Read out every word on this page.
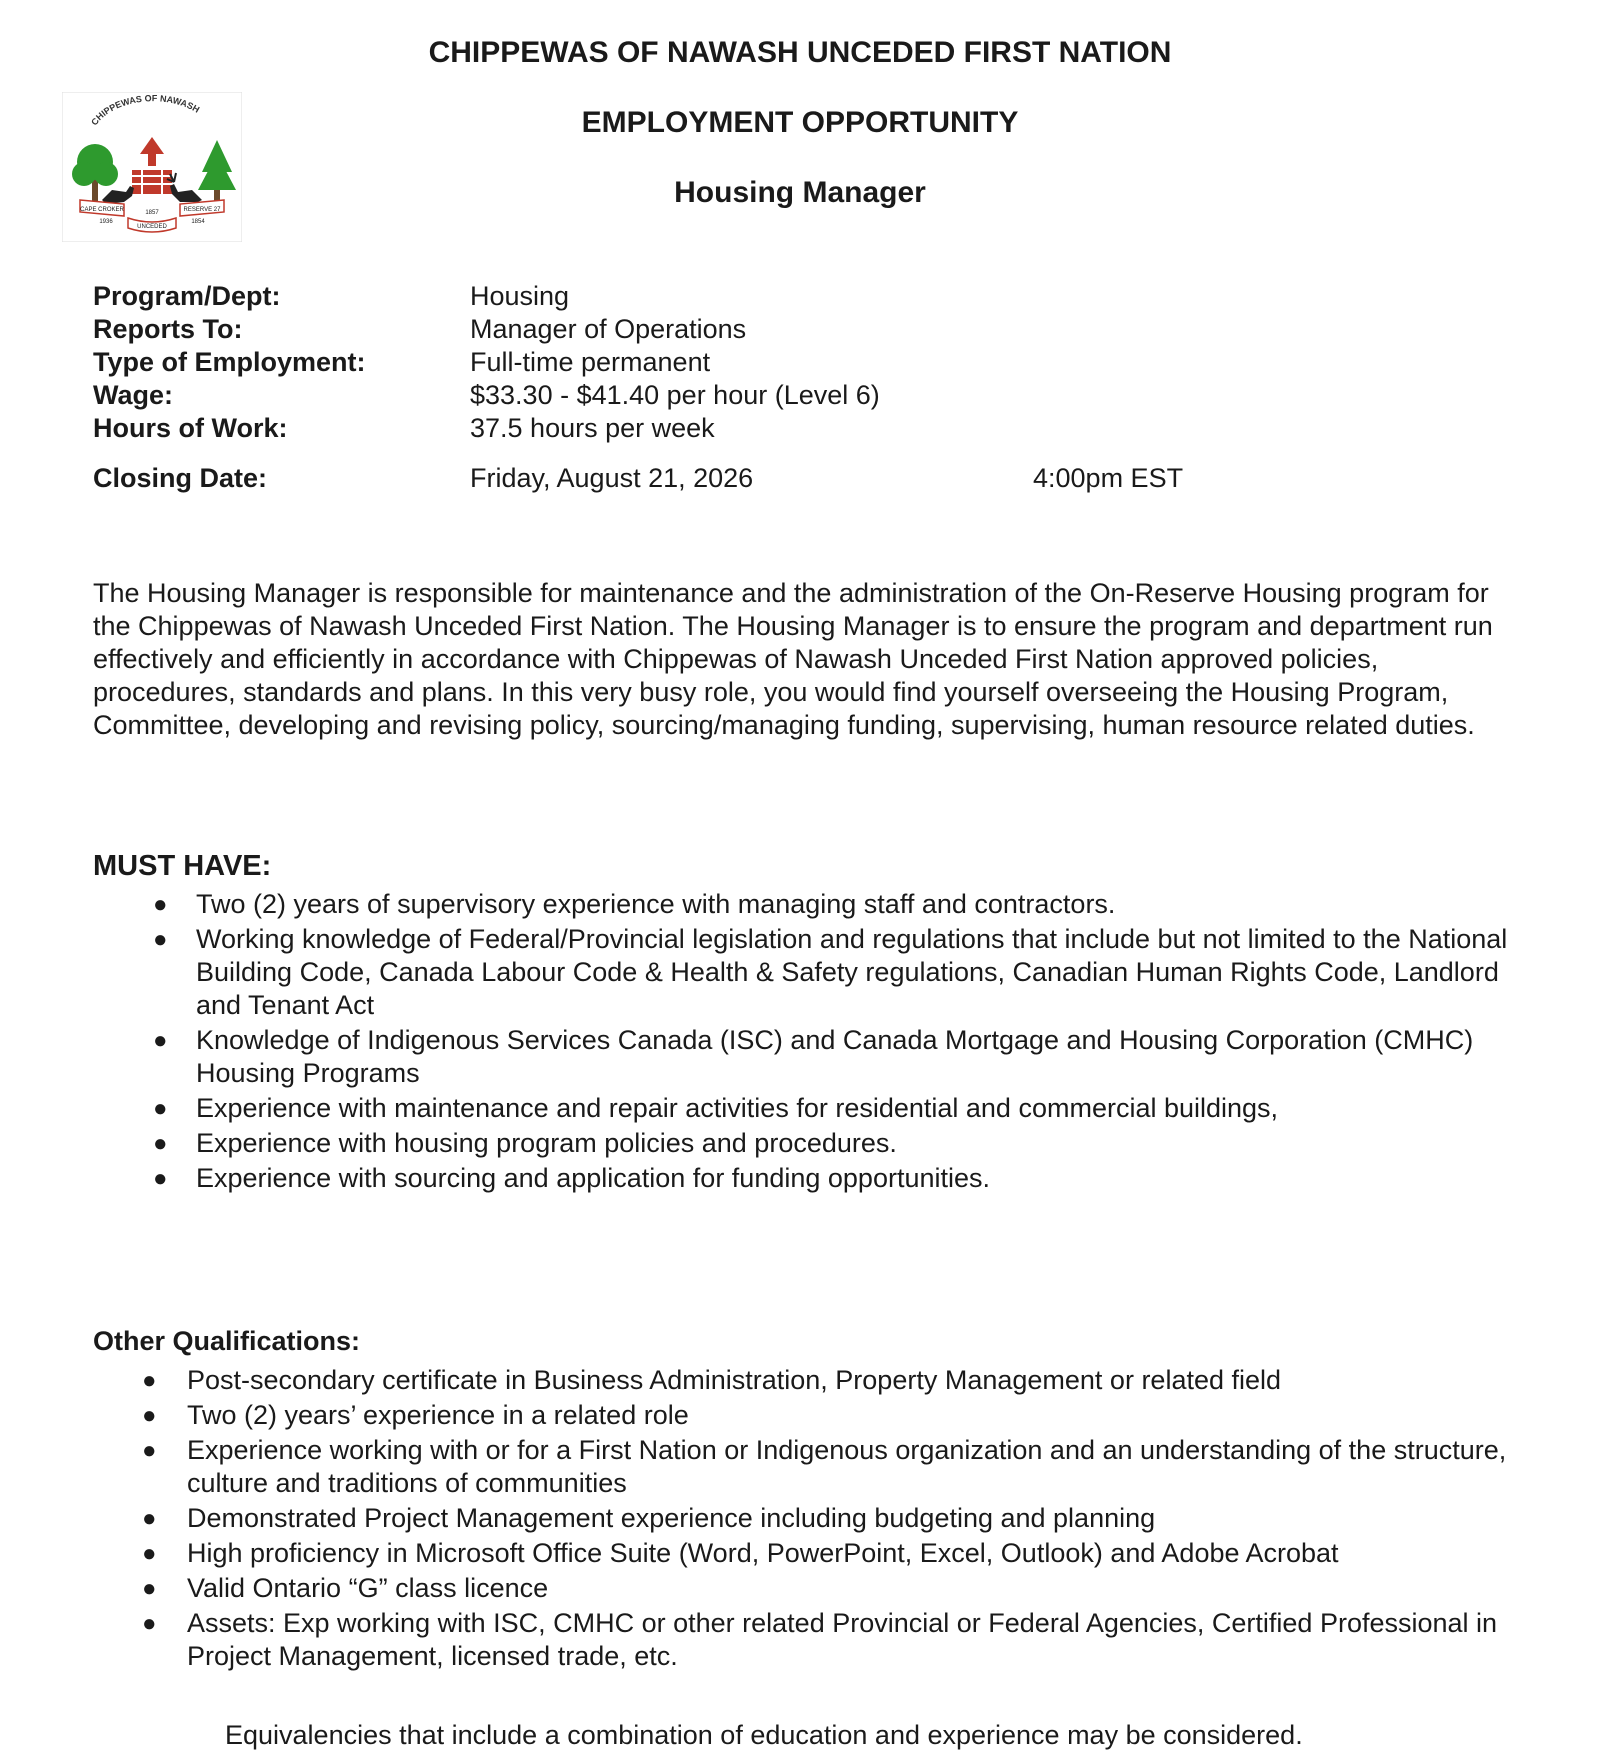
CHIPPEWAS OF NAWASH UNCEDED FIRST NATION
EMPLOYMENT OPPORTUNITY
Housing Manager
CHIPPEWAS OF NAWASH
CAPE CROKER	RESERVE 27
UNCEDED
1857
1936	1854
Program/Dept:	Housing
Reports To:	Manager of Operations
Type of Employment:	Full-time permanent
Wage:	$33.30 - $41.40 per hour (Level 6)
Hours of Work:	37.5 hours per week
Closing Date:	Friday, August 21, 2026	4:00pm EST

The Housing Manager is responsible for maintenance and the administration of the On-Reserve Housing program for the Chippewas of Nawash Unceded First Nation. The Housing Manager is to ensure the program and department run effectively and efficiently in accordance with Chippewas of Nawash Unceded First Nation approved policies, procedures, standards and plans. In this very busy role, you would find yourself overseeing the Housing Program, Committee, developing and revising policy, sourcing/managing funding, supervising, human resource related duties.

MUST HAVE:
● Two (2) years of supervisory experience with managing staff and contractors.
● Working knowledge of Federal/Provincial legislation and regulations that include but not limited to the National Building Code, Canada Labour Code & Health & Safety regulations, Canadian Human Rights Code, Landlord and Tenant Act
● Knowledge of Indigenous Services Canada (ISC) and Canada Mortgage and Housing Corporation (CMHC) Housing Programs
● Experience with maintenance and repair activities for residential and commercial buildings,
● Experience with housing program policies and procedures.
● Experience with sourcing and application for funding opportunities.
Other Qualifications:
● Post-secondary certificate in Business Administration, Property Management or related field
● Two (2) years’ experience in a related role
● Experience working with or for a First Nation or Indigenous organization and an understanding of the structure, culture and traditions of communities
● Demonstrated Project Management experience including budgeting and planning
● High proficiency in Microsoft Office Suite (Word, PowerPoint, Excel, Outlook) and Adobe Acrobat
● Valid Ontario “G” class licence
● Assets: Exp working with ISC, CMHC or other related Provincial or Federal Agencies, Certified Professional in Project Management, licensed trade, etc.

Equivalencies that include a combination of education and experience may be considered.
